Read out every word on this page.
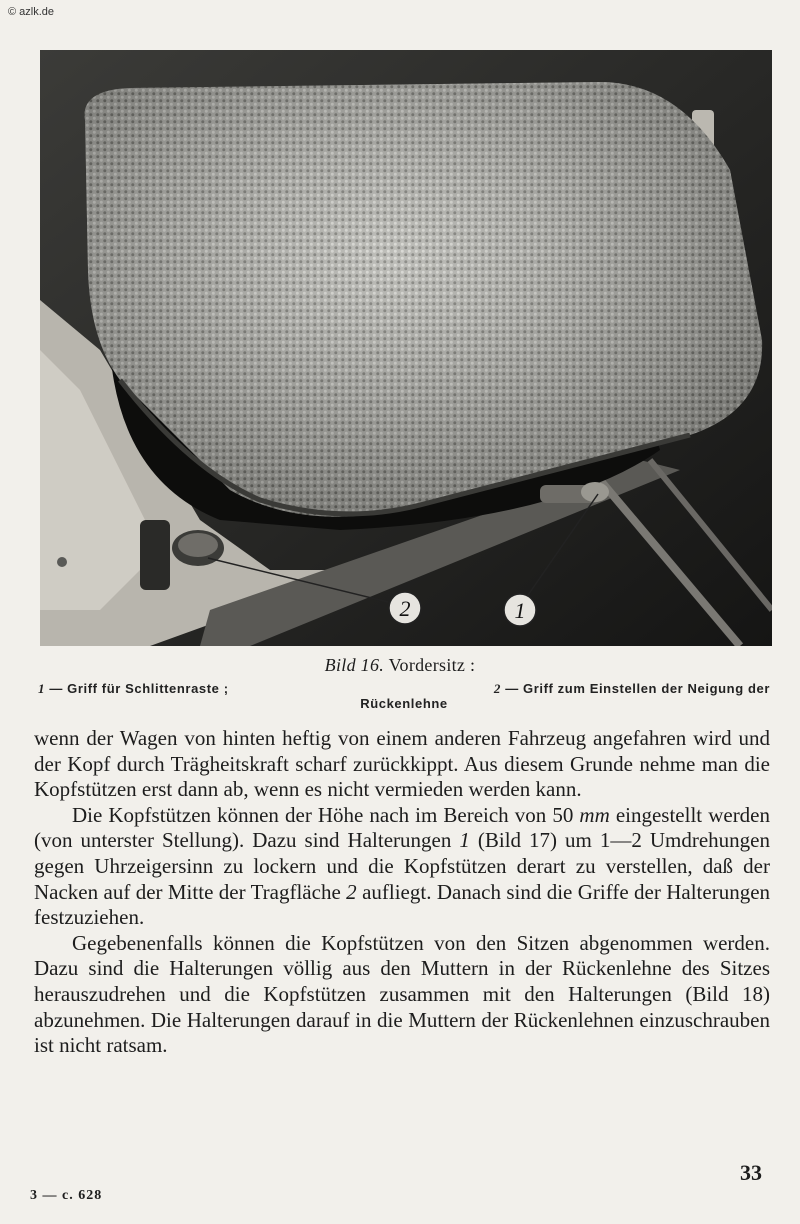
© azlk.de
2	1
Bild 16. Vordersitz :
1 — Griff für Schlittenraste ;	2 — Griff zum Einstellen der Neigung der
Rückenlehne

wenn der Wagen von hinten heftig von einem anderen Fahrzeug angefahren wird und der Kopf durch Trägheitskraft scharf zurückkippt. Aus diesem Grunde nehme man die Kopfstützen erst dann ab, wenn es nicht vermieden werden kann.

Die Kopfstützen können der Höhe nach im Bereich von 50 mm eingestellt werden (von unterster Stellung). Dazu sind Halterungen 1 (Bild 17) um 1—2 Umdrehungen gegen Uhrzeigersinn zu lockern und die Kopfstützen derart zu verstellen, daß der Nacken auf der Mitte der Tragfläche 2 aufliegt. Danach sind die Griffe der Halterungen festzuziehen.

Gegebenenfalls können die Kopfstützen von den Sitzen abgenommen werden. Dazu sind die Halterungen völlig aus den Muttern in der Rückenlehne des Sitzes herauszudrehen und die Kopfstützen zusammen mit den Halterungen (Bild 18) abzunehmen. Die Halterungen darauf in die Muttern der Rückenlehnen einzuschrauben ist nicht ratsam.

33
3 — с. 628
